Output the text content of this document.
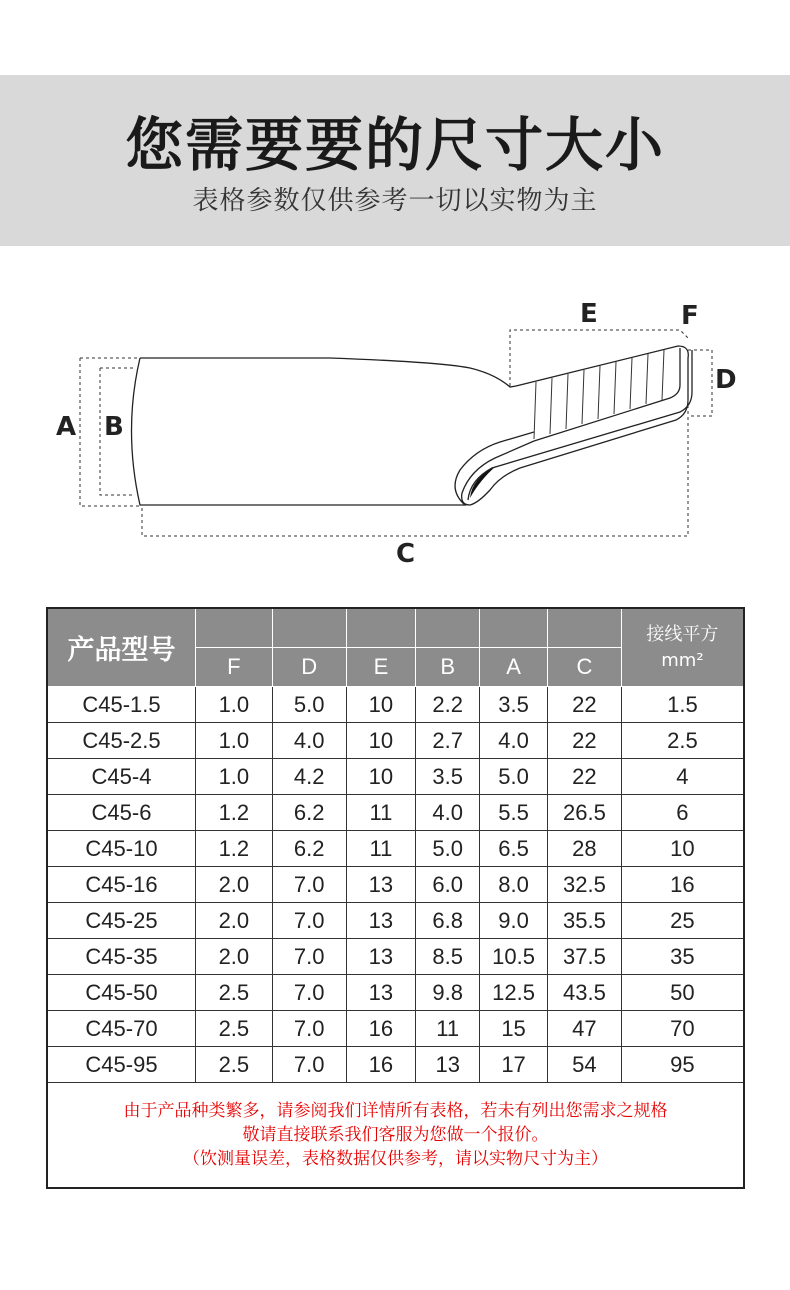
您需要要的尺寸大小
表格参数仅供参考一切以实物为主
A B
C
D
E	F
产品型号							接线平方
mm²

	F	D	E	B	A	C	
C45-1.5	1.0	5.0	10	2.2	3.5	22	1.5
C45-2.5	1.0	4.0	10	2.7	4.0	22	2.5
C45-4	1.0	4.2	10	3.5	5.0	22	4
C45-6	1.2	6.2	11	4.0	5.5	26.5	6
C45-10	1.2	6.2	11	5.0	6.5	28	10
C45-16	2.0	7.0	13	6.0	8.0	32.5	16
C45-25	2.0	7.0	13	6.8	9.0	35.5	25
C45-35	2.0	7.0	13	8.5	10.5	37.5	35
C45-50	2.5	7.0	13	9.8	12.5	43.5	50
C45-70	2.5	7.0	16	11	15	47	70
C45-95	2.5	7.0	16	13	17	54	95

由于产品种类繁多，请参阅我们详情所有表格，若未有列出您需求之规格
敬请直接联系我们客服为您做一个报价。
（饮测量误差，表格数据仅供参考，请以实物尺寸为主）							
